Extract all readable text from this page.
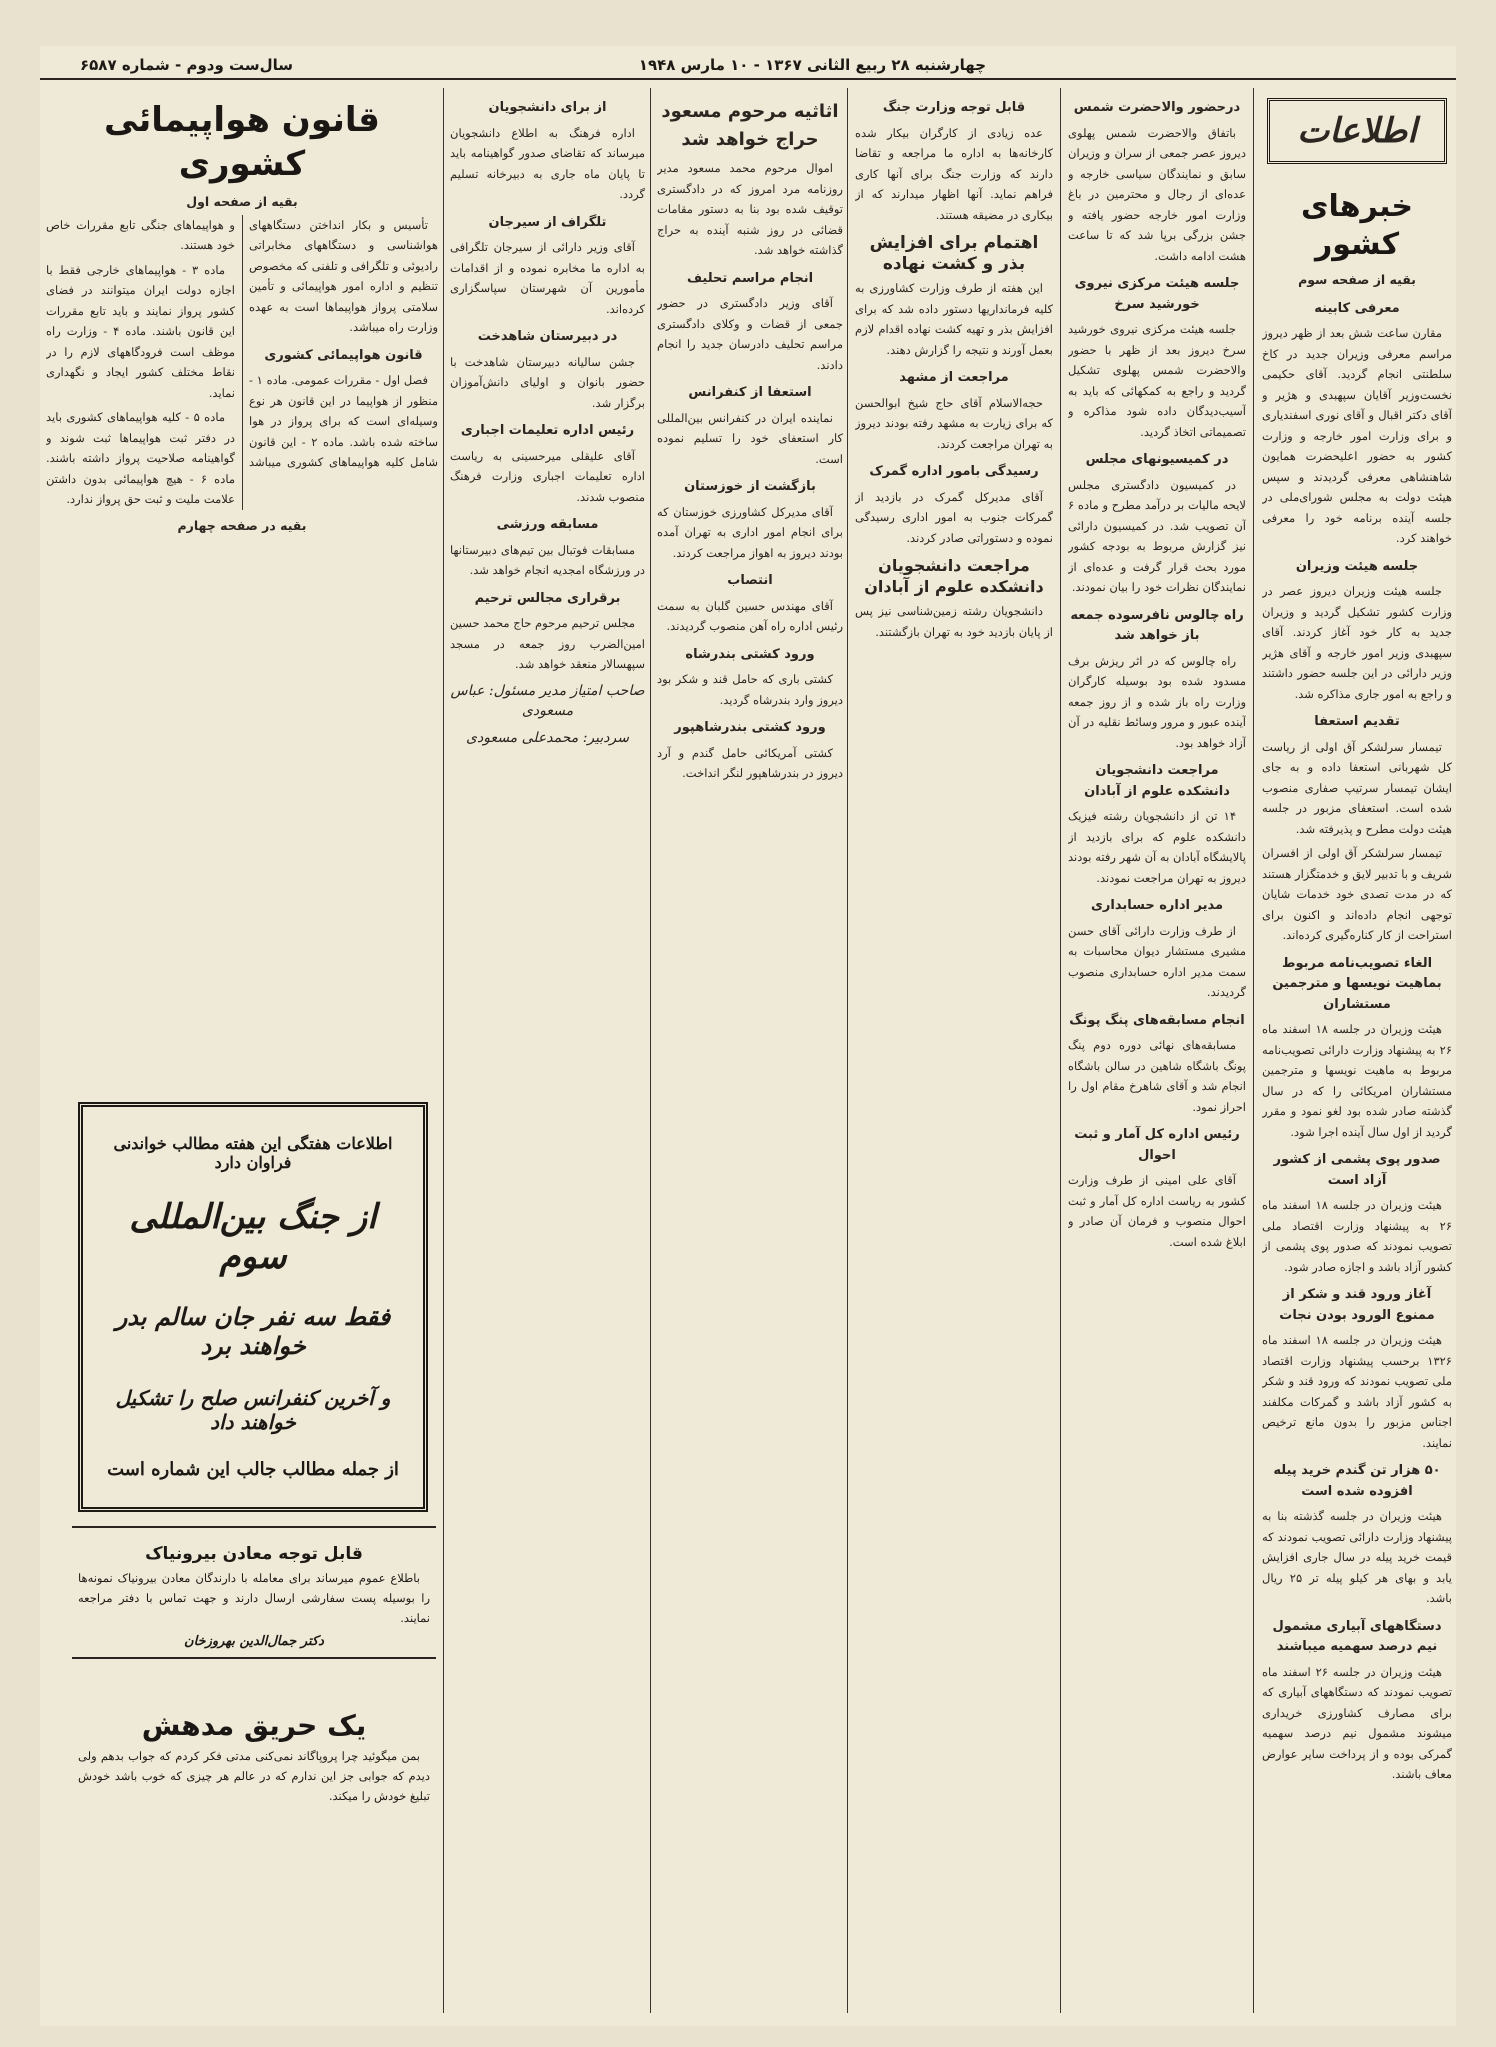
چهارشنبه ۲۸ ربیع الثانی ۱۳۶۷ - ۱۰ مارس ۱۹۴۸
سال‌ست ودوم - شماره ۶۵۸۷
اطلاعات
خبرهای کشور
بقیه از صفحه سوم
معرفی کابینه
مقارن ساعت شش بعد از ظهر دیروز مراسم معرفی وزیران جدید در کاخ سلطنتی انجام گردید. آقای حکیمی نخست‌وزیر آقایان سپهبدی و هژیر و آقای دکتر اقبال و آقای نوری اسفندیاری و برای وزارت امور خارجه و وزارت کشور به حضور اعلیحضرت همایون شاهنشاهی معرفی گردیدند و سپس هیئت دولت به مجلس شورای‌ملی در جلسه آینده برنامه خود را معرفی خواهند کرد.
جلسه هیئت وزیران
جلسه هیئت وزیران دیروز عصر در وزارت کشور تشکیل گردید و وزیران جدید به کار خود آغاز کردند. آقای سپهبدی وزیر امور خارجه و آقای هژیر وزیر دارائی در این جلسه حضور داشتند و راجع به امور جاری مذاکره شد.
تقدیم استعفا
تیمسار سرلشکر آق اولی از ریاست کل شهربانی استعفا داده و به جای ایشان تیمسار سرتیپ صفاری منصوب شده است. استعفای مزبور در جلسه هیئت دولت مطرح و پذیرفته شد.
تیمسار سرلشکر آق اولی از افسران شریف و با تدبیر لایق و خدمتگزار هستند که در مدت تصدی خود خدمات شایان توجهی انجام داده‌اند و اکنون برای استراحت از کار کناره‌گیری کرده‌اند.
الغاء تصویب‌نامه مربوط بماهیت نویسها و مترجمین مستشاران
هیئت وزیران در جلسه ۱۸ اسفند ماه ۲۶ به پیشنهاد وزارت دارائی تصویب‌نامه مربوط به ماهیت نویسها و مترجمین مستشاران امریکائی را که در سال گذشته صادر شده بود لغو نمود و مقرر گردید از اول سال آینده اجرا شود.
صدور پوی پشمی از کشور آزاد است
هیئت وزیران در جلسه ۱۸ اسفند ماه ۲۶ به پیشنهاد وزارت اقتصاد ملی تصویب نمودند که صدور پوی پشمی از کشور آزاد باشد و اجازه صادر شود.
آغاز ورود قند و شکر از ممنوع الورود بودن نجات
هیئت وزیران در جلسه ۱۸ اسفند ماه ۱۳۲۶ برحسب پیشنهاد وزارت اقتصاد ملی تصویب نمودند که ورود قند و شکر به کشور آزاد باشد و گمرکات مکلفند اجناس مزبور را بدون مانع ترخیص نمایند.
۵۰ هزار تن گندم خرید پیله افزوده شده است
هیئت وزیران در جلسه گذشته بنا به پیشنهاد وزارت دارائی تصویب نمودند که قیمت خرید پیله در سال جاری افزایش یابد و بهای هر کیلو پیله تر ۲۵ ریال باشد.
دستگاههای آبیاری مشمول نیم درصد سهمیه میباشند
هیئت وزیران در جلسه ۲۶ اسفند ماه تصویب نمودند که دستگاههای آبیاری که برای مصارف کشاورزی خریداری میشوند مشمول نیم درصد سهمیه گمرکی بوده و از پرداخت سایر عوارض معاف باشند.
درحضور والاحضرت شمس
باتفاق والاحضرت شمس پهلوی دیروز عصر جمعی از سران و وزیران سابق و نمایندگان سیاسی خارجه و عده‌ای از رجال و محترمین در باغ وزارت امور خارجه حضور یافته و جشن بزرگی برپا شد که تا ساعت هشت ادامه داشت.
جلسه هیئت مرکزی نیروی خورشید سرخ
جلسه هیئت مرکزی نیروی خورشید سرخ دیروز بعد از ظهر با حضور والاحضرت شمس پهلوی تشکیل گردید و راجع به کمکهائی که باید به آسیب‌دیدگان داده شود مذاکره و تصمیماتی اتخاذ گردید.
در کمیسیونهای مجلس
در کمیسیون دادگستری مجلس لایحه مالیات بر درآمد مطرح و ماده ۶ آن تصویب شد. در کمیسیون دارائی نیز گزارش مربوط به بودجه کشور مورد بحث قرار گرفت و عده‌ای از نمایندگان نظرات خود را بیان نمودند.
راه چالوس نافرسوده جمعه باز خواهد شد
راه چالوس که در اثر ریزش برف مسدود شده بود بوسیله کارگران وزارت راه باز شده و از روز جمعه آینده عبور و مرور وسائط نقلیه در آن آزاد خواهد بود.
مراجعت دانشجویان دانشکده علوم از آبادان
۱۴ تن از دانشجویان رشته فیزیک دانشکده علوم که برای بازدید از پالایشگاه آبادان به آن شهر رفته بودند دیروز به تهران مراجعت نمودند.
مدیر اداره حسابداری
از طرف وزارت دارائی آقای حسن مشیری مستشار دیوان محاسبات به سمت مدیر اداره حسابداری منصوب گردیدند.
انجام مسابقه‌های پنگ پونگ
مسابقه‌های نهائی دوره دوم پنگ پونگ باشگاه شاهین در سالن باشگاه انجام شد و آقای شاهرخ مقام اول را احراز نمود.
رئیس اداره کل آمار و ثبت احوال
آقای علی امینی از طرف وزارت کشور به ریاست اداره کل آمار و ثبت احوال منصوب و فرمان آن صادر و ابلاغ شده است.
قابل توجه وزارت جنگ
عده زیادی از کارگران بیکار شده کارخانه‌ها به اداره ما مراجعه و تقاضا دارند که وزارت جنگ برای آنها کاری فراهم نماید. آنها اظهار میدارند که از بیکاری در مضیقه هستند.
اهتمام برای افزایش بذر و کشت نهاده
این هفته از طرف وزارت کشاورزی به کلیه فرمانداریها دستور داده شد که برای افزایش بذر و تهیه کشت نهاده اقدام لازم بعمل آورند و نتیجه را گزارش دهند.
مراجعت از مشهد
حجه‌الاسلام آقای حاج شیخ ابوالحسن که برای زیارت به مشهد رفته بودند دیروز به تهران مراجعت کردند.
رسیدگی بامور اداره گمرک
آقای مدیرکل گمرک در بازدید از گمرکات جنوب به امور اداری رسیدگی نموده و دستوراتی صادر کردند.
مراجعت دانشجویان دانشکده علوم از آبادان
دانشجویان رشته زمین‌شناسی نیز پس از پایان بازدید خود به تهران بازگشتند.
اثاثیه مرحوم مسعود حراج خواهد شد
اموال مرحوم محمد مسعود مدیر روزنامه مرد امروز که در دادگستری توقیف شده بود بنا به دستور مقامات قضائی در روز شنبه آینده به حراج گذاشته خواهد شد.
انجام مراسم تحلیف
آقای وزیر دادگستری در حضور جمعی از قضات و وکلای دادگستری مراسم تحلیف دادرسان جدید را انجام دادند.
استعفا از کنفرانس
نماینده ایران در کنفرانس بین‌المللی کار استعفای خود را تسلیم نموده است.
بازگشت از خوزستان
آقای مدیرکل کشاورزی خوزستان که برای انجام امور اداری به تهران آمده بودند دیروز به اهواز مراجعت کردند.
انتصاب
آقای مهندس حسین گلبان به سمت رئیس اداره راه آهن منصوب گردیدند.
ورود کشتی بندرشاه
کشتی باری که حامل قند و شکر بود دیروز وارد بندرشاه گردید.
ورود کشتی بندرشاهپور
کشتی آمریکائی حامل گندم و آرد دیروز در بندرشاهپور لنگر انداخت.
از برای دانشجویان
اداره فرهنگ به اطلاع دانشجویان میرساند که تقاضای صدور گواهینامه باید تا پایان ماه جاری به دبیرخانه تسلیم گردد.
تلگراف از سیرجان
آقای وزیر دارائی از سیرجان تلگرافی به اداره ما مخابره نموده و از اقدامات مأمورین آن شهرستان سپاسگزاری کرده‌اند.
در دبیرستان شاهدخت
جشن سالیانه دبیرستان شاهدخت با حضور بانوان و اولیای دانش‌آموزان برگزار شد.
رئیس اداره تعلیمات اجباری
آقای علیقلی میرحسینی به ریاست اداره تعلیمات اجباری وزارت فرهنگ منصوب شدند.
مسابقه ورزشی
مسابقات فوتبال بین تیم‌های دبیرستانها در ورزشگاه امجدیه انجام خواهد شد.
برقراری مجالس ترحیم
مجلس ترحیم مرحوم حاج محمد حسین امین‌الضرب روز جمعه در مسجد سپهسالار منعقد خواهد شد.
صاحب امتیاز مدیر مسئول: عباس مسعودی
سردبیر: محمدعلی مسعودی
قانون هواپیمائی کشوری
بقیه از صفحه اول
تأسیس و بکار انداختن دستگاههای هواشناسی و دستگاههای مخابراتی رادیوئی و تلگرافی و تلفنی که مخصوص تنظیم و اداره امور هواپیمائی و تأمین سلامتی پرواز هواپیماها است به عهده وزارت راه میباشد.
قانون هواپیمائی کشوری
فصل اول - مقررات عمومی. ماده ۱ - منظور از هواپیما در این قانون هر نوع وسیله‌ای است که برای پرواز در هوا ساخته شده باشد. ماده ۲ - این قانون شامل کلیه هواپیماهای کشوری میباشد و هواپیماهای جنگی تابع مقررات خاص خود هستند.
ماده ۳ - هواپیماهای خارجی فقط با اجازه دولت ایران میتوانند در فضای کشور پرواز نمایند و باید تابع مقررات این قانون باشند. ماده ۴ - وزارت راه موظف است فرودگاههای لازم را در نقاط مختلف کشور ایجاد و نگهداری نماید.
ماده ۵ - کلیه هواپیماهای کشوری باید در دفتر ثبت هواپیماها ثبت شوند و گواهینامه صلاحیت پرواز داشته باشند. ماده ۶ - هیچ هواپیمائی بدون داشتن علامت ملیت و ثبت حق پرواز ندارد.
بقیه در صفحه چهارم
اطلاعات هفتگی این هفته مطالب خواندنی فراوان دارد
از جنگ بین‌المللی سوم
فقط سه نفر جان سالم بدر خواهند برد
و آخرین کنفرانس صلح را تشکیل خواهند داد
از جمله مطالب جالب این شماره است
قابل توجه معادن بیرونیاک
باطلاع عموم میرساند برای معامله با دارندگان معادن بیرونیاک نمونه‌ها را بوسیله پست سفارشی ارسال دارند و جهت تماس با دفتر مراجعه نمایند.
دکتر جمال‌الدین بهروزخان
یک حریق مدهش
بمن میگوئید چرا پروپاگاند نمی‌کنی مدتی فکر کردم که جواب بدهم ولی دیدم که جوابی جز این ندارم که در عالم هر چیزی که خوب باشد خودش تبلیغ خودش را میکند.
